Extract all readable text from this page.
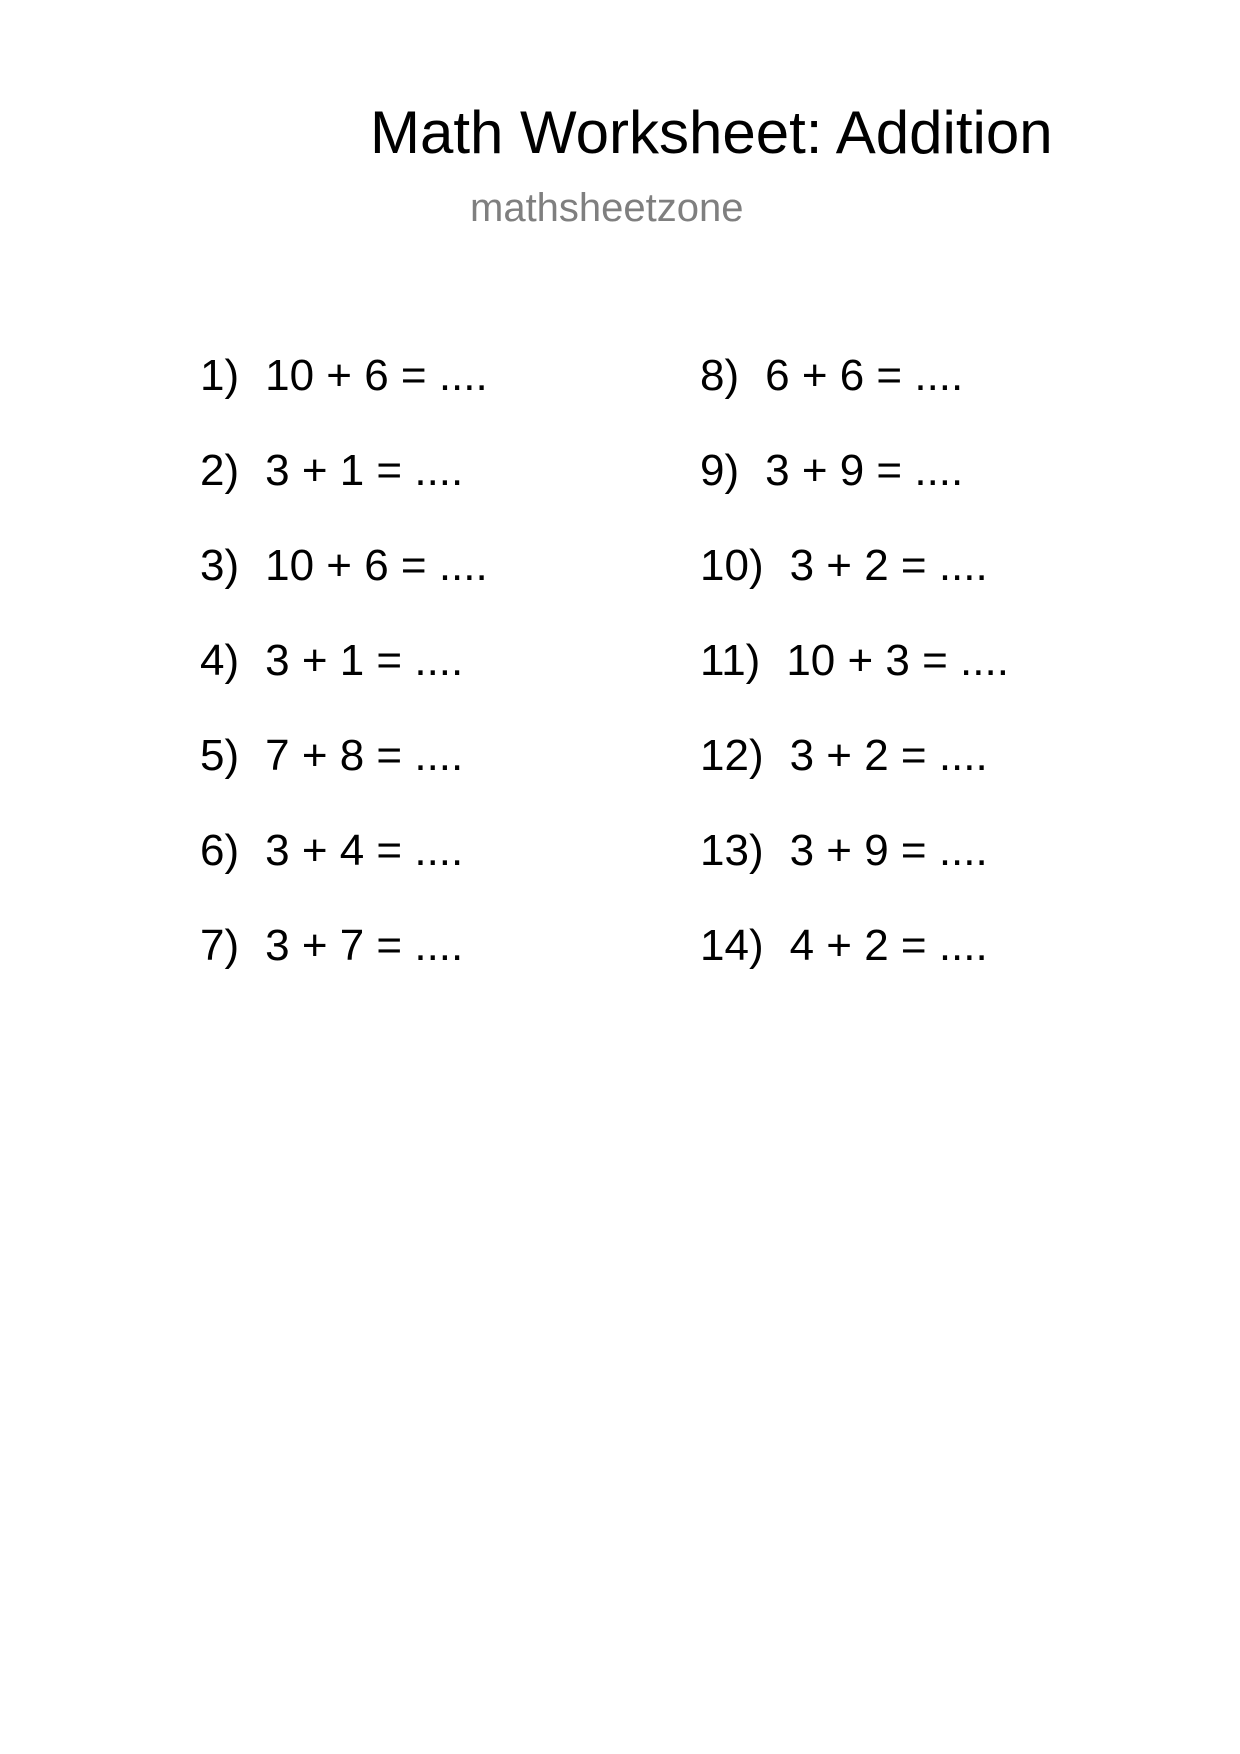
Math Worksheet: Addition
mathsheetzone
1) 10 + 6 = ....
2) 3 + 1 = ....
3) 10 + 6 = ....
4) 3 + 1 = ....
5) 7 + 8 = ....
6) 3 + 4 = ....
7) 3 + 7 = ....
8) 6 + 6 = ....
9) 3 + 9 = ....
10) 3 + 2 = ....
11) 10 + 3 = ....
12) 3 + 2 = ....
13) 3 + 9 = ....
14) 4 + 2 = ....
